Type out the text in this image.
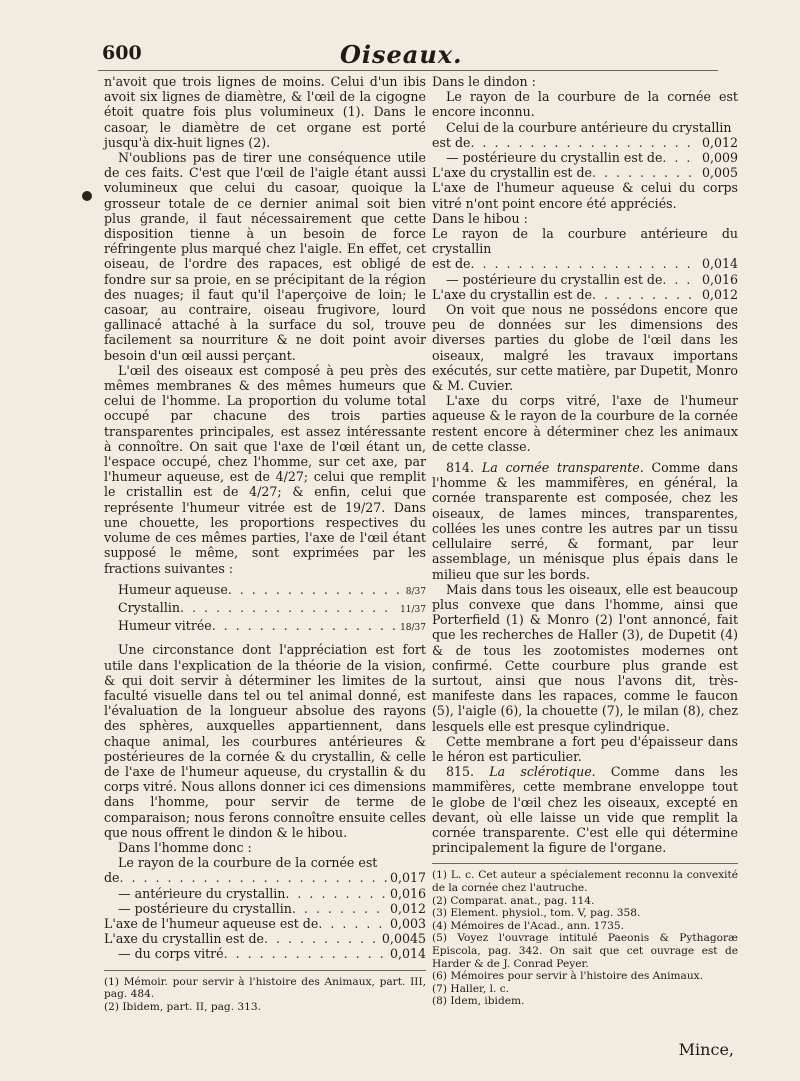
600	Oiseaux.

n'avoit que trois lignes de moins. Celui d'un ibis avoit six lignes de diamètre, & l'œil de la cigogne étoit quatre fois plus volumineux (1). Dans le casoar, le diamètre de cet organe est porté jusqu'à dix-huit lignes (2).

N'oublions pas de tirer une conséquence utile de ces faits. C'est que l'œil de l'aigle étant aussi volumineux que celui du casoar, quoique la grosseur totale de ce dernier animal soit bien plus grande, il faut nécessairement que cette disposition tienne à un besoin de force réfringente plus marqué chez l'aigle. En effet, cet oiseau, de l'ordre des rapaces, est obligé de fondre sur sa proie, en se précipitant de la région des nuages; il faut qu'il l'aperçoive de loin; le casoar, au contraire, oiseau frugivore, lourd gallinacé attaché à la surface du sol, trouve facilement sa nourriture & ne doit point avoir besoin d'un œil aussi perçant.

L'œil des oiseaux est composé à peu près des mêmes membranes & des mêmes humeurs que celui de l'homme. La proportion du volume total occupé par chacune des trois parties transparentes principales, est assez intéressante à connoître. On sait que l'axe de l'œil étant un, l'espace occupé, chez l'homme, sur cet axe, par l'humeur aqueuse, est de 4/27; celui que remplit le cristallin est de 4/27; & enfin, celui que représente l'humeur vitrée est de 19/27. Dans une chouette, les proportions respectives du volume de ces mêmes parties, l'axe de l'œil étant supposé le même, sont exprimées par les fractions suivantes :

Humeur aqueuse . . .	8/37
Crystallin . . .	11/37
Humeur vitrée . . .	18/37

Une circonstance dont l'appréciation est fort utile dans l'explication de la théorie de la vision, & qui doit servir à déterminer les limites de la faculté visuelle dans tel ou tel animal donné, est l'évaluation de la longueur absolue des rayons des sphères, auxquelles appartiennent, dans chaque animal, les courbures antérieures & postérieures de la cornée & du crystallin, & celle de l'axe de l'humeur aqueuse, du crystallin & du corps vitré. Nous allons donner ici ces dimensions dans l'homme, pour servir de terme de comparaison; nous ferons connoître ensuite celles que nous offrent le dindon & le hibou.

Dans l'homme donc :

Le rayon de la courbure de la cornée est

de . . .	0,017
— antérieure du crystallin . . .	0,016
— postérieure du crystallin . . .	0,012
L'axe de l'humeur aqueuse est de . . .	0,003
L'axe du crystallin est de . . .	0,0045
— du corps vitré . . .	0,014

(1) Mémoir. pour servir à l'histoire des Animaux, part. III, pag. 484.

(2) Ibidem, part. II, pag. 313.

Dans le dindon :

Le rayon de la courbure de la cornée est encore inconnu.

Celui de la courbure antérieure du crystallin

est de . . .	0,012
— postérieure du crystallin est de . . .	0,009
L'axe du crystallin est de . . .	0,005

L'axe de l'humeur aqueuse & celui du corps vitré n'ont point encore été appréciés.

Dans le hibou :

Le rayon de la courbure antérieure du crystallin

est de . . .	0,014
— postérieure du crystallin est de . . .	0,016
L'axe du crystallin est de . . .	0,012

On voit que nous ne possédons encore que peu de données sur les dimensions des diverses parties du globe de l'œil dans les oiseaux, malgré les travaux importans exécutés, sur cette matière, par Dupetit, Monro & M. Cuvier.

L'axe du corps vitré, l'axe de l'humeur aqueuse & le rayon de la courbure de la cornée restent encore à déterminer chez les animaux de cette classe.

814. La cornée transparente. Comme dans l'homme & les mammifères, en général, la cornée transparente est composée, chez les oiseaux, de lames minces, transparentes, collées les unes contre les autres par un tissu cellulaire serré, & formant, par leur assemblage, un ménisque plus épais dans le milieu que sur les bords.

Mais dans tous les oiseaux, elle est beaucoup plus convexe que dans l'homme, ainsi que Porterfield (1) & Monro (2) l'ont annoncé, fait que les recherches de Haller (3), de Dupetit (4) & de tous les zootomistes modernes ont confirmé. Cette courbure plus grande est surtout, ainsi que nous l'avons dit, très-manifeste dans les rapaces, comme le faucon (5), l'aigle (6), la chouette (7), le milan (8), chez lesquels elle est presque cylindrique.

Cette membrane a fort peu d'épaisseur dans le héron est particulier.

815. La sclérotique. Comme dans les mammifères, cette membrane enveloppe tout le globe de l'œil chez les oiseaux, excepté en devant, où elle laisse un vide que remplit la cornée transparente. C'est elle qui détermine principalement la figure de l'organe.

(1) L. c. Cet auteur a spécialement reconnu la convexité de la cornée chez l'autruche.

(2) Comparat. anat., pag. 114.

(3) Element. physiol., tom. V, pag. 358.

(4) Mémoires de l'Acad., ann. 1735.

(5) Voyez l'ouvrage intitulé Paeonis & Pythagoræ Episcola, pag. 342. On sait que cet ouvrage est de Harder & de J. Conrad Peyer.

(6) Mémoires pour servir à l'histoire des Animaux.

(7) Haller, l. c.

(8) Idem, ibidem.

Mince,
